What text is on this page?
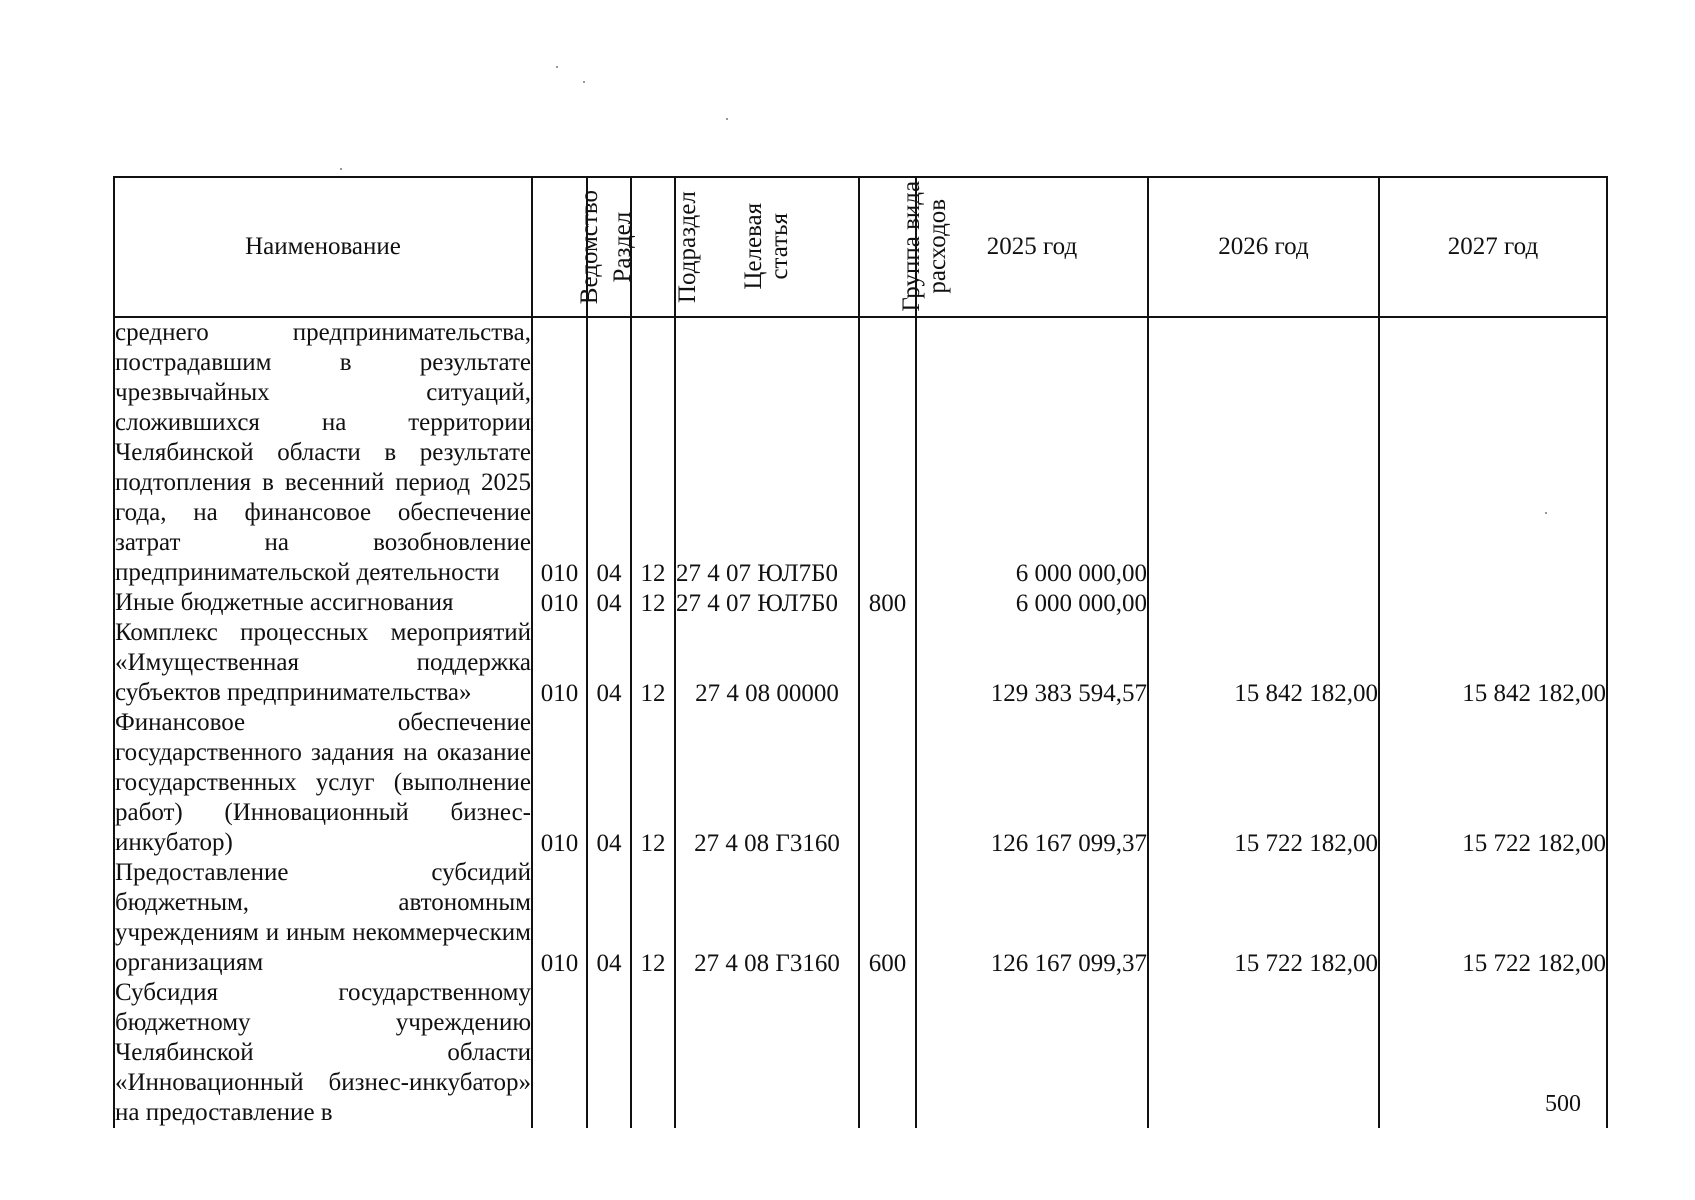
Наименование	Ведомство	Раздел	Подраздел	Целевая
статья	Группа вида
расходов	2025 год	2026 год	2027 год
среднего предпринимательства, пострадавшим в результате чрезвычайных ситуаций, сложившихся на территории Челябинской области в результате подтопления в весенний период 2025 года, на финансовое обеспечение затрат на возобновление предпринимательской деятельности	010	04	12	27 4 07 ЮЛ7Б0		6 000 000,00		
Иные бюджетные ассигнования	010	04	12	27 4 07 ЮЛ7Б0	800	6 000 000,00		
Комплекс процессных мероприятий «Имущественная поддержка субъектов предпринимательства»	010	04	12	27 4 08 00000		129 383 594,57	15 842 182,00	15 842 182,00
Финансовое обеспечение государственного задания на оказание государственных услуг (выполнение работ) (Инновационный бизнес-инкубатор)	010	04	12	27 4 08 Г3160		126 167 099,37	15 722 182,00	15 722 182,00
Предоставление субсидий бюджетным, автономным учреждениям и иным некоммерческим организациям	010	04	12	27 4 08 Г3160	600	126 167 099,37	15 722 182,00	15 722 182,00
Субсидия государственному бюджетному учреждению Челябинской области «Инновационный бизнес-инкубатор» на предоставление в									500
